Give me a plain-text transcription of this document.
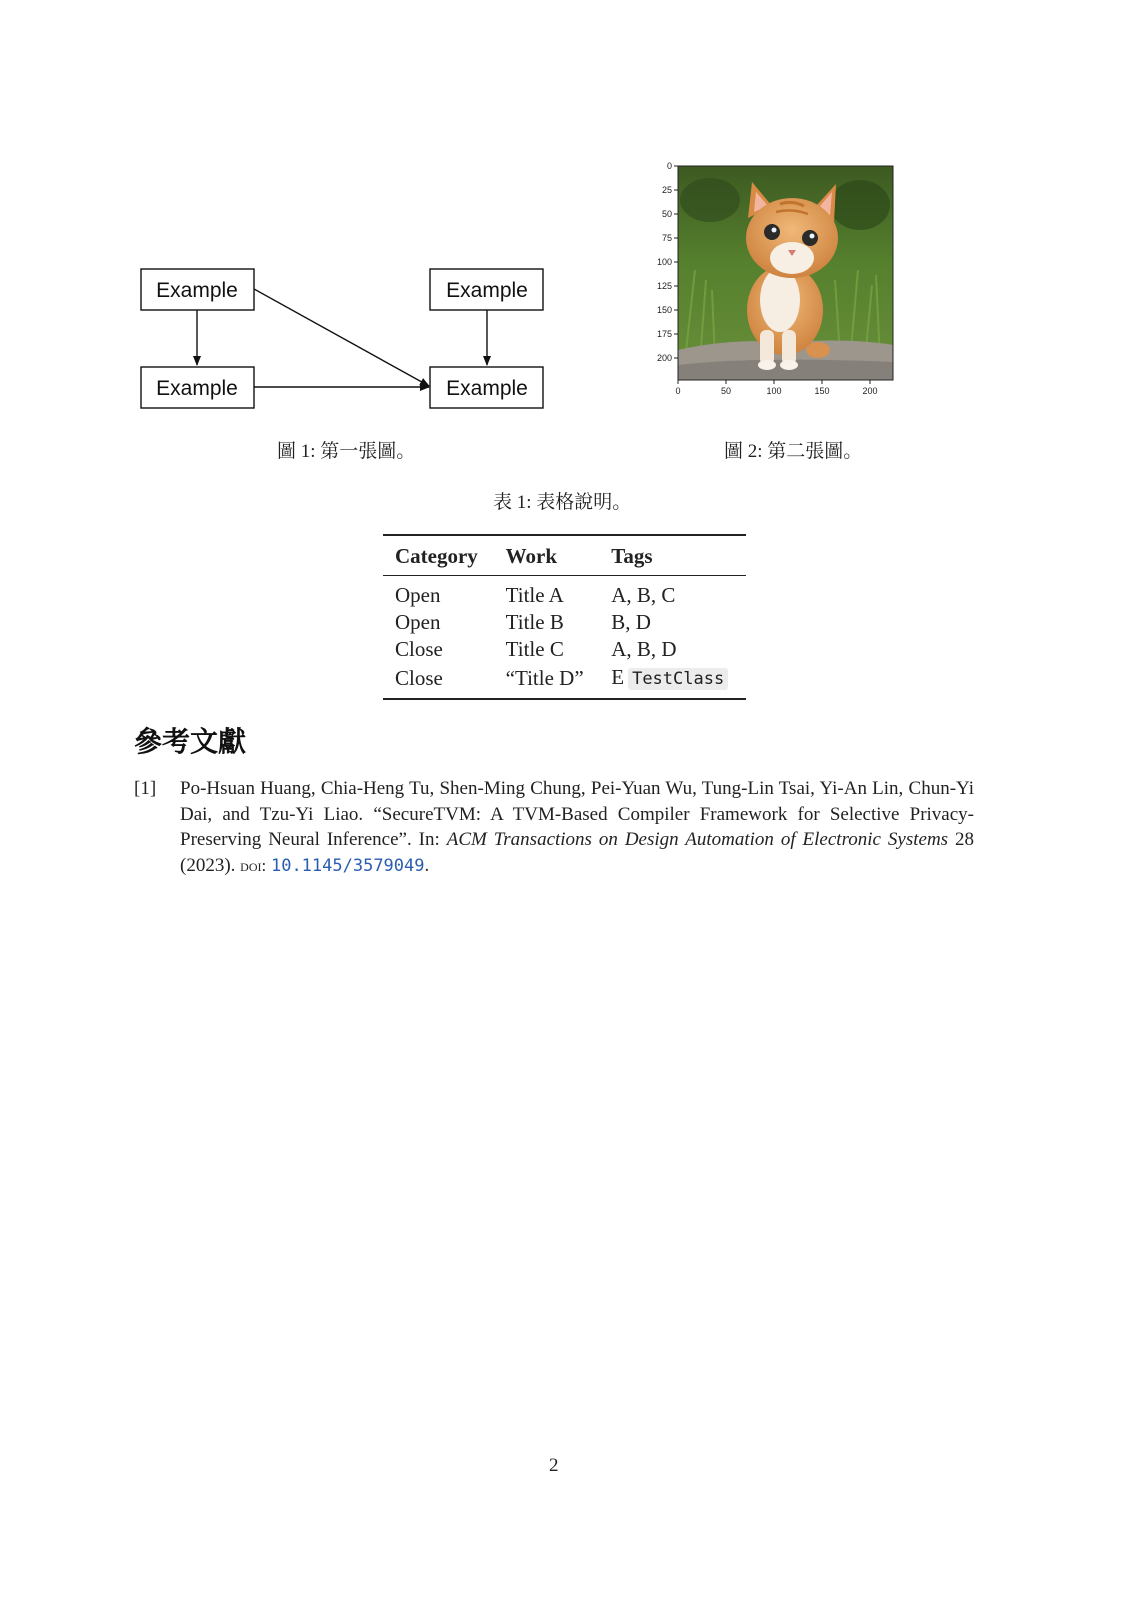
Example	Example
Example	Example
0
25
50
75
100
125
150
175
200
0	50	100	150	200
圖 1: 第一張圖。	圖 2: 第二張圖。
表 1: 表格說明。
Category	Work	Tags
Open	Title A	A, B, C
Open	Title B	B, D
Close	Title C	A, B, D
Close	“Title D”	E TestClass
參考文獻
[1]	Po-Hsuan Huang, Chia-Heng Tu, Shen-Ming Chung, Pei-Yuan Wu, Tung-Lin Tsai, Yi-An Lin, Chun-Yi Dai, and Tzu-Yi Liao. “SecureTVM: A TVM-Based Compiler Framework for Selective Privacy-Preserving Neural Inference”. In: ACM Transactions on Design Automation of Electronic Systems 28 (2023). doi: 10.1145/3579049.
2
